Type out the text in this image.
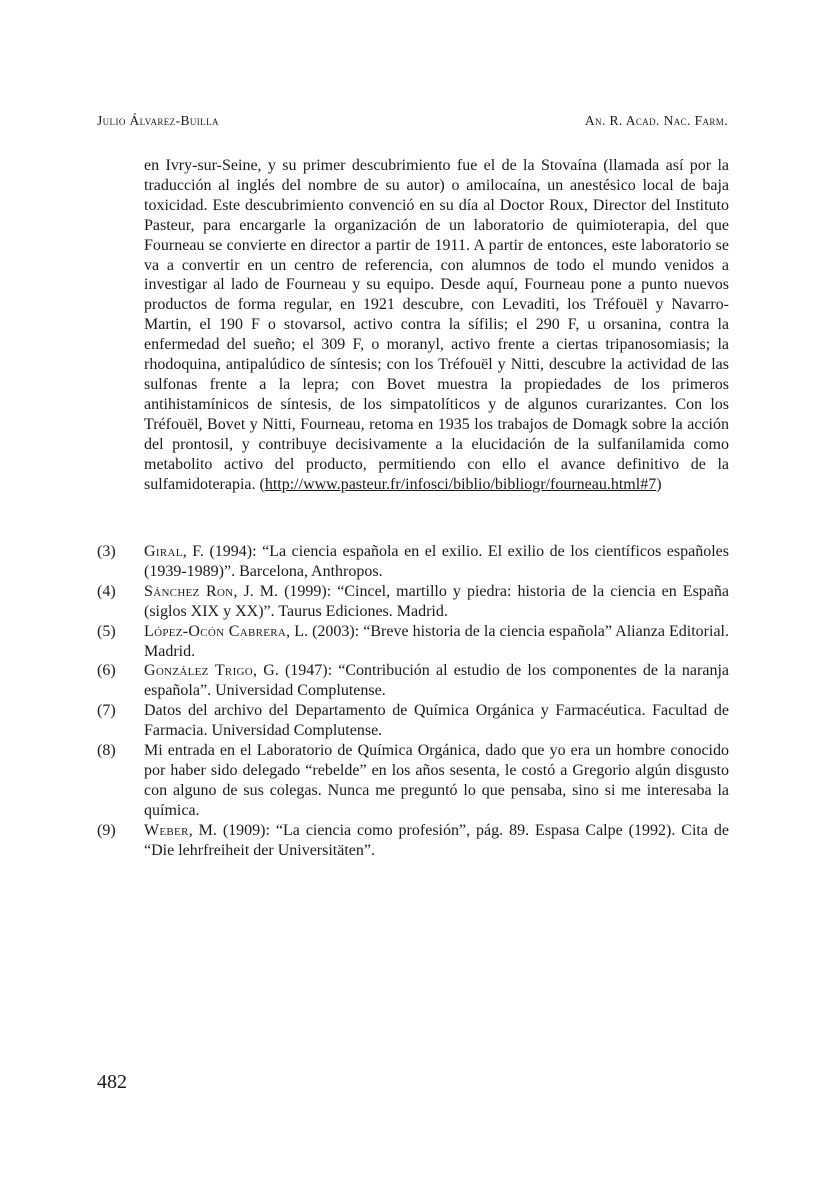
Julio Álvarez-Builla	An. R. Acad. Nac. Farm.

en Ivry-sur-Seine, y su primer descubrimiento fue el de la Stovaína (llamada así por la traducción al inglés del nombre de su autor) o amilocaína, un anestésico local de baja toxicidad. Este descubrimiento convenció en su día al Doctor Roux, Director del Instituto Pasteur, para encargarle la organización de un laboratorio de quimioterapia, del que Fourneau se convierte en director a partir de 1911. A partir de entonces, este laboratorio se va a convertir en un centro de referencia, con alumnos de todo el mundo venidos a investigar al lado de Fourneau y su equipo. Desde aquí, Fourneau pone a punto nuevos productos de forma regular, en 1921 descubre, con Levaditi, los Tréfouël y Navarro-Martin, el 190 F o stovarsol, activo contra la sífilis; el 290 F, u orsanina, contra la enfermedad del sueño; el 309 F, o moranyl, activo frente a ciertas tripanosomiasis; la rhodoquina, antipalúdico de síntesis; con los Tréfouël y Nitti, descubre la actividad de las sulfonas frente a la lepra; con Bovet muestra la propiedades de los primeros antihistamínicos de síntesis, de los simpatolíticos y de algunos curarizantes. Con los Tréfouël, Bovet y Nitti, Fourneau, retoma en 1935 los trabajos de Domagk sobre la acción del prontosil, y contribuye decisivamente a la elucidación de la sulfanilamida como metabolito activo del producto, permitiendo con ello el avance definitivo de la sulfamidoterapia. (http://www.pasteur.fr/infosci/biblio/bibliogr/fourneau.html#7)

(3)	Giral, F. (1994): “La ciencia española en el exilio. El exilio de los científicos españoles (1939-1989)”. Barcelona, Anthropos.
(4)	Sánchez Ron, J. M. (1999): “Cincel, martillo y piedra: historia de la ciencia en España (siglos XIX y XX)”. Taurus Ediciones. Madrid.
(5)	López-Ocón Cabrera, L. (2003): “Breve historia de la ciencia española” Alianza Editorial. Madrid.
(6)	González Trigo, G. (1947): “Contribución al estudio de los componentes de la naranja española”. Universidad Complutense.
(7)	Datos del archivo del Departamento de Química Orgánica y Farmacéutica. Facultad de Farmacia. Universidad Complutense.
(8)	Mi entrada en el Laboratorio de Química Orgánica, dado que yo era un hombre conocido por haber sido delegado “rebelde” en los años sesenta, le costó a Gregorio algún disgusto con alguno de sus colegas. Nunca me preguntó lo que pensaba, sino si me interesaba la química.
(9)	Weber, M. (1909): “La ciencia como profesión”, pág. 89. Espasa Calpe (1992). Cita de “Die lehrfreiheit der Universitäten”.
482
